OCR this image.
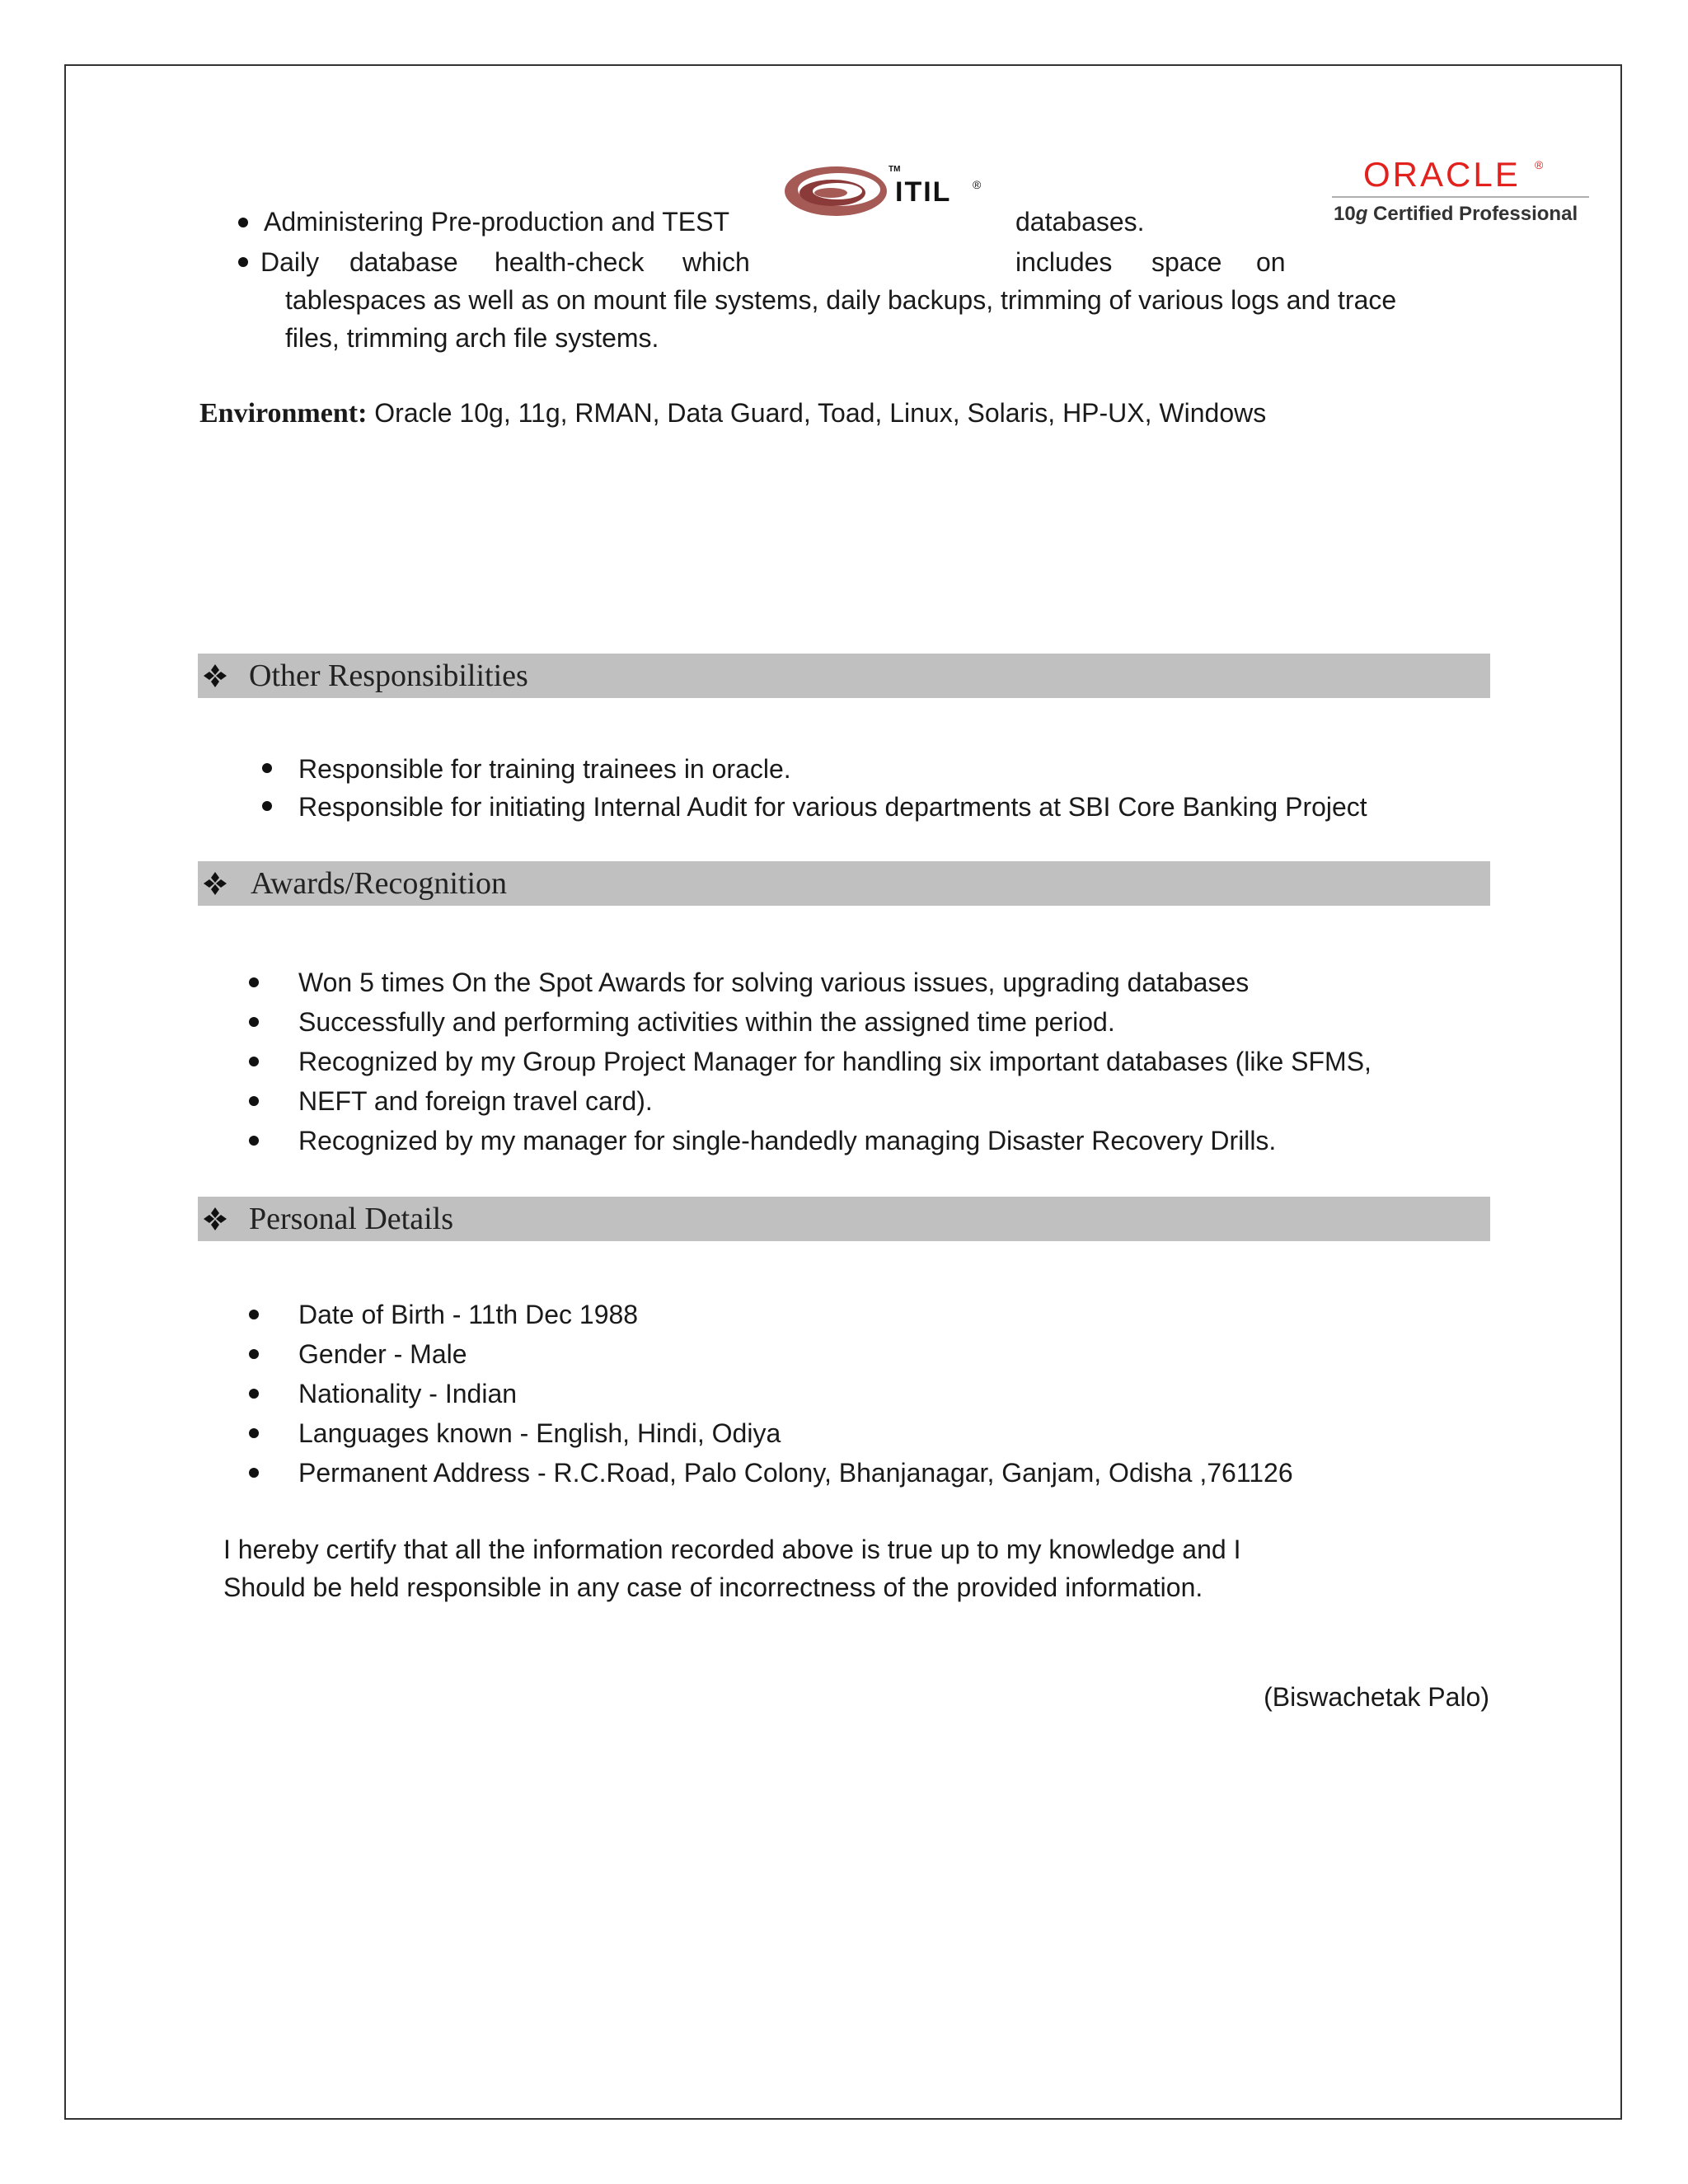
TM
ITIL ®	ORACLE ®
10g Certified Professional
Administering Pre-production and TEST	databases.
Daily database health-check which	includes space on
tablespaces as well as on mount file systems, daily backups, trimming of various logs and trace
files, trimming arch file systems.
Environment: Oracle 10g, 11g, RMAN, Data Guard, Toad, Linux, Solaris, HP-UX, Windows
Other Responsibilities
Responsible for training trainees in oracle.
Responsible for initiating Internal Audit for various departments at SBI Core Banking Project
Awards/Recognition
Won 5 times On the Spot Awards for solving various issues, upgrading databases
Successfully and performing activities within the assigned time period.
Recognized by my Group Project Manager for handling six important databases (like SFMS,
NEFT and foreign travel card).
Recognized by my manager for single-handedly managing Disaster Recovery Drills.
Personal Details
Date of Birth - 11th Dec 1988
Gender - Male
Nationality - Indian
Languages known - English, Hindi, Odiya
Permanent Address - R.C.Road, Palo Colony, Bhanjanagar, Ganjam, Odisha ,761126
I hereby certify that all the information recorded above is true up to my knowledge and I
Should be held responsible in any case of incorrectness of the provided information.
(Biswachetak Palo)
